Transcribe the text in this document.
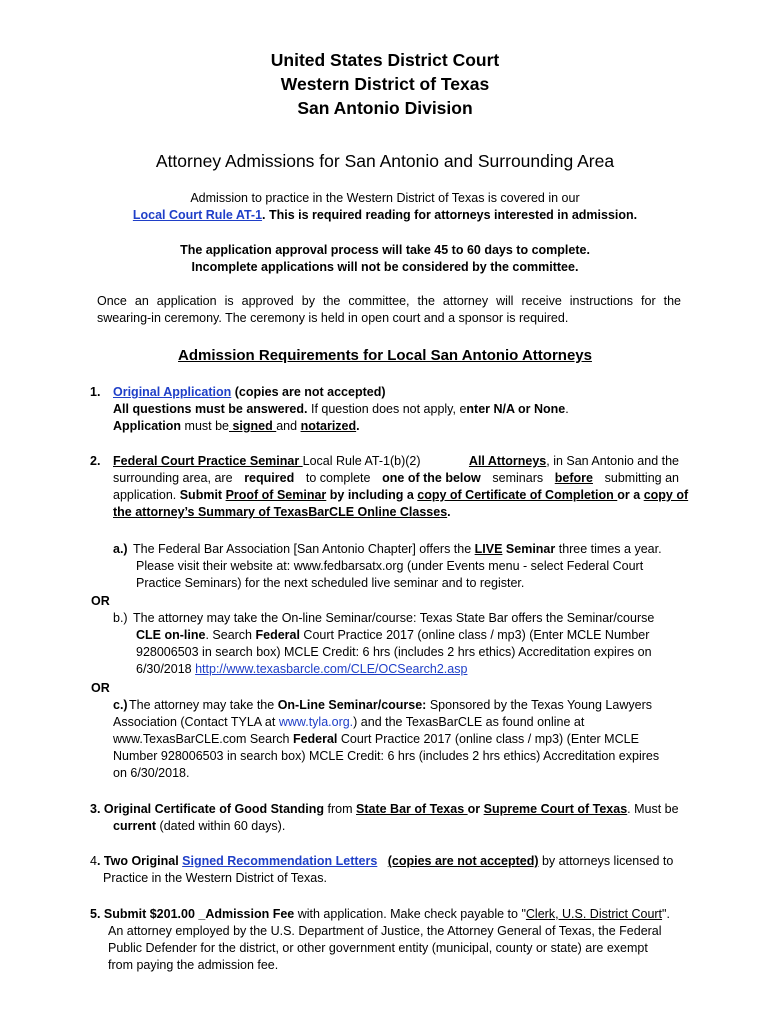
United States District Court
Western District of Texas
San Antonio Division
Attorney Admissions for San Antonio and Surrounding Area
Admission to practice in the Western District of Texas is covered in our
Local Court Rule AT-1. This is required reading for attorneys interested in admission.
The application approval process will take 45 to 60 days to complete.
Incomplete applications will not be considered by the committee.
Once an application is approved by the committee, the attorney will receive instructions for the
swearing-in ceremony. The ceremony is held in open court and a sponsor is required.
Admission Requirements for Local San Antonio Attorneys
1. Original Application (copies are not accepted)
All questions must be answered. If question does not apply, enter N/A or None.
Application must be signed and notarized.
2. Federal Court Practice Seminar Local Rule AT-1(b)(2)	All Attorneys, in San Antonio and the
surrounding area, are required to complete one of the below seminars before submitting an
application. Submit Proof of Seminar by including a copy of Certificate of Completion or a copy of
the attorney’s Summary of TexasBarCLE Online Classes.
a.) The Federal Bar Association [San Antonio Chapter] offers the LIVE Seminar three times a year.
Please visit their website at: www.fedbarsatx.org (under Events menu - select Federal Court
Practice Seminars) for the next scheduled live seminar and to register.
OR
b.) The attorney may take the On-line Seminar/course: Texas State Bar offers the Seminar/course
CLE on-line. Search Federal Court Practice 2017 (online class / mp3) (Enter MCLE Number
928006503 in search box) MCLE Credit: 6 hrs (includes 2 hrs ethics) Accreditation expires on
6/30/2018 http://www.texasbarcle.com/CLE/OCSearch2.asp
OR
c.) The attorney may take the On-Line Seminar/course: Sponsored by the Texas Young Lawyers
Association (Contact TYLA at www.tyla.org.) and the TexasBarCLE as found online at
www.TexasBarCLE.com Search Federal Court Practice 2017 (online class / mp3) (Enter MCLE
Number 928006503 in search box) MCLE Credit: 6 hrs (includes 2 hrs ethics) Accreditation expires
on 6/30/2018.
3. Original Certificate of Good Standing from State Bar of Texas or Supreme Court of Texas. Must be
current (dated within 60 days).
4. Two Original Signed Recommendation Letters (copies are not accepted) by attorneys licensed to
Practice in the Western District of Texas.
5. Submit $201.00 _Admission Fee with application. Make check payable to "Clerk, U.S. District Court".
An attorney employed by the U.S. Department of Justice, the Attorney General of Texas, the Federal
Public Defender for the district, or other government entity (municipal, county or state) are exempt
from paying the admission fee.
